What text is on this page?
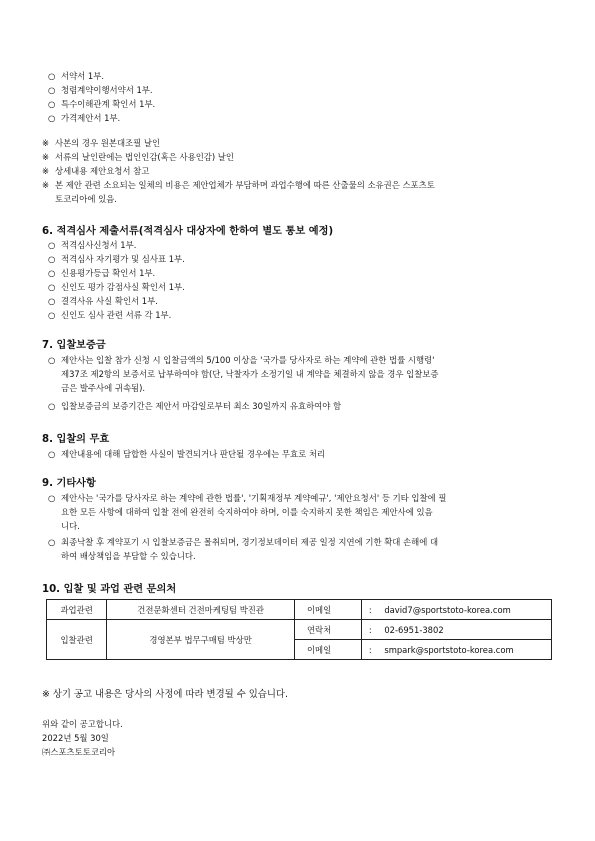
○ 서약서 1부.
○ 청렴계약이행서약서 1부.
○ 특수이해관계 확인서 1부.
○ 가격제안서 1부.
※ 사본의 경우 원본대조필 날인
※ 서류의 날인란에는 법인인감(혹은 사용인감) 날인
※ 상세내용 제안요청서 참고
※ 본 제안 관련 소요되는 일체의 비용은 제안업체가 부담하며 과업수행에 따른 산출물의 소유권은 스포츠토
토코리아에 있음.
6. 적격심사 제출서류(적격심사 대상자에 한하여 별도 통보 예정)
○ 적격심사신청서 1부.
○ 적격심사 자기평가 및 심사표 1부.
○ 신용평가등급 확인서 1부.
○ 신인도 평가 감점사실 확인서 1부.
○ 결격사유 사실 확인서 1부.
○ 신인도 심사 관련 서류 각 1부.
7. 입찰보증금
○ 제안사는 입찰 참가 신청 시 입찰금액의 5/100 이상을 '국가를 당사자로 하는 계약에 관한 법률 시행령'
제37조 제2항의 보증서로 납부하여야 함(단, 낙찰자가 소정기일 내 계약을 체결하지 않을 경우 입찰보증
금은 발주사에 귀속됨).
○ 입찰보증금의 보증기간은 제안서 마감일로부터 최소 30일까지 유효하여야 함
8. 입찰의 무효
○ 제안내용에 대해 담합한 사실이 발견되거나 판단될 경우에는 무효로 처리
9. 기타사항
○ 제안사는 '국가를 당사자로 하는 계약에 관한 법률', '기획재정부 계약예규', '제안요청서' 등 기타 입찰에 필
요한 모든 사항에 대하여 입찰 전에 완전히 숙지하여야 하며, 이를 숙지하지 못한 책임은 제안사에 있음
니다.
○ 최종낙찰 후 계약포기 시 입찰보증금은 몰취되며, 경기정보데이터 제공 일정 지연에 기한 확대 손해에 대
하여 배상책임을 부담할 수 있습니다.
10. 입찰 및 과업 관련 문의처
과업관련	건전문화센터 건전마케팅팀 박진관	이메일	: david7@sportstoto-korea.com
입찰관련	경영본부 법무구매팀 박상만	연락처	: 02-6951-3802
		이메일	: smpark@sportstoto-korea.com
※ 상기 공고 내용은 당사의 사정에 따라 변경될 수 있습니다.
위와 같이 공고합니다.
2022년 5월 30일
㈜스포츠토토코리아
